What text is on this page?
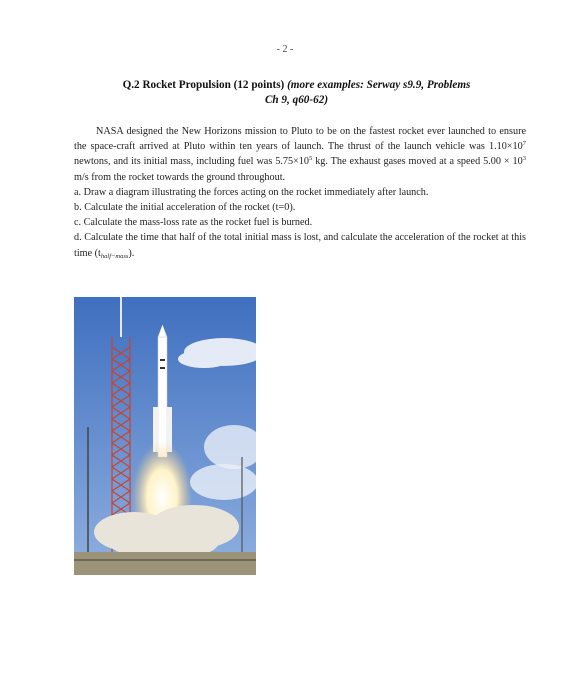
- 2 -
Q.2 Rocket Propulsion (12 points) (more examples: Serway s9.9, Problems
Ch 9, q60-62)

NASA designed the New Horizons mission to Pluto to be on the fastest rocket ever launched to ensure the space-craft arrived at Pluto within ten years of launch. The thrust of the launch vehicle was $1.10\times 10^7$ newtons, and its initial mass, including fuel was $5.75\times 10^5$ kg. The exhaust gases moved at a speed $5.00 \times 10^3$ m/s from the rocket towards the ground throughout.

a. Draw a diagram illustrating the forces acting on the rocket immediately after launch.

b. Calculate the initial acceleration of the rocket (t=0).

c. Calculate the mass-loss rate as the rocket fuel is burned.

d. Calculate the time that half of the total initial mass is lost, and calculate the acceleration of the rocket at this time $(t_{half-mass})$.
